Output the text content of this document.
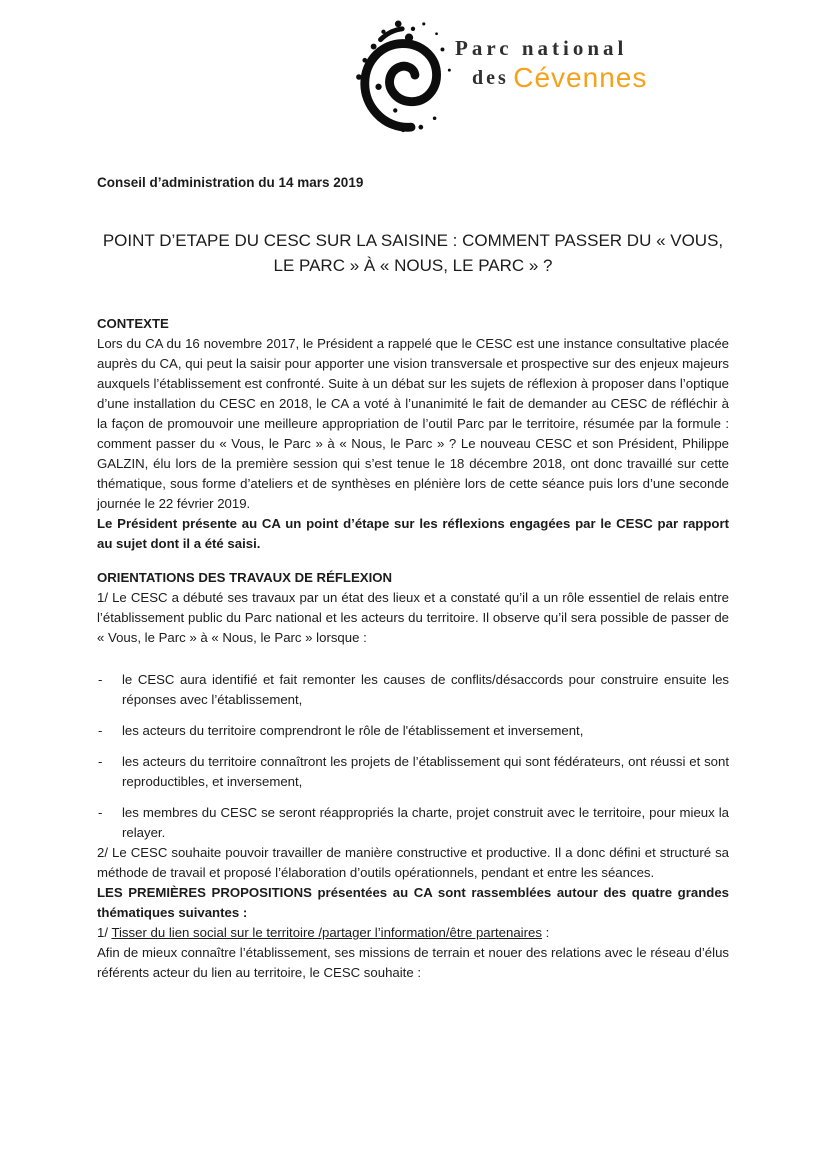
Parc national
des Cévennes
Conseil d’administration du 14 mars 2019
POINT D’ETAPE DU CESC SUR LA SAISINE : COMMENT PASSER DU « VOUS, LE PARC » À « NOUS, LE PARC » ?
CONTEXTE

Lors du CA du 16 novembre 2017, le Président a rappelé que le CESC est une instance consultative placée auprès du CA, qui peut la saisir pour apporter une vision transversale et prospective sur des enjeux majeurs auxquels l’établissement est confronté. Suite à un débat sur les sujets de réflexion à proposer dans l’optique d’une installation du CESC en 2018, le CA a voté à l’unanimité le fait de demander au CESC de réfléchir à la façon de promouvoir une meilleure appropriation de l’outil Parc par le territoire, résumée par la formule : comment passer du « Vous, le Parc » à « Nous, le Parc » ? Le nouveau CESC et son Président, Philippe GALZIN, élu lors de la première session qui s’est tenue le 18 décembre 2018, ont donc travaillé sur cette thématique, sous forme d’ateliers et de synthèses en plénière lors de cette séance puis lors d’une seconde journée le 22 février 2019.

Le Président présente au CA un point d’étape sur les réflexions engagées par le CESC par rapport au sujet dont il a été saisi.

ORIENTATIONS DES TRAVAUX DE RÉFLEXION

1/ Le CESC a débuté ses travaux par un état des lieux et a constaté qu’il a un rôle essentiel de relais entre l’établissement public du Parc national et les acteurs du territoire. Il observe qu’il sera possible de passer de « Vous, le Parc » à « Nous, le Parc » lorsque :

- le CESC aura identifié et fait remonter les causes de conflits/désaccords pour construire ensuite les réponses avec l’établissement,
- les acteurs du territoire comprendront le rôle de l'établissement et inversement,
- les acteurs du territoire connaîtront les projets de l’établissement qui sont fédérateurs, ont réussi et sont reproductibles, et inversement,
- les membres du CESC se seront réappropriés la charte, projet construit avec le territoire, pour mieux la relayer.

2/ Le CESC souhaite pouvoir travailler de manière constructive et productive. Il a donc défini et structuré sa méthode de travail et proposé l’élaboration d’outils opérationnels, pendant et entre les séances.

LES PREMIÈRES PROPOSITIONS présentées au CA sont rassemblées autour des quatre grandes thématiques suivantes :

1/ Tisser du lien social sur le territoire /partager l’information/être partenaires :

Afin de mieux connaître l’établissement, ses missions de terrain et nouer des relations avec le réseau d’élus référents acteur du lien au territoire, le CESC souhaite :
